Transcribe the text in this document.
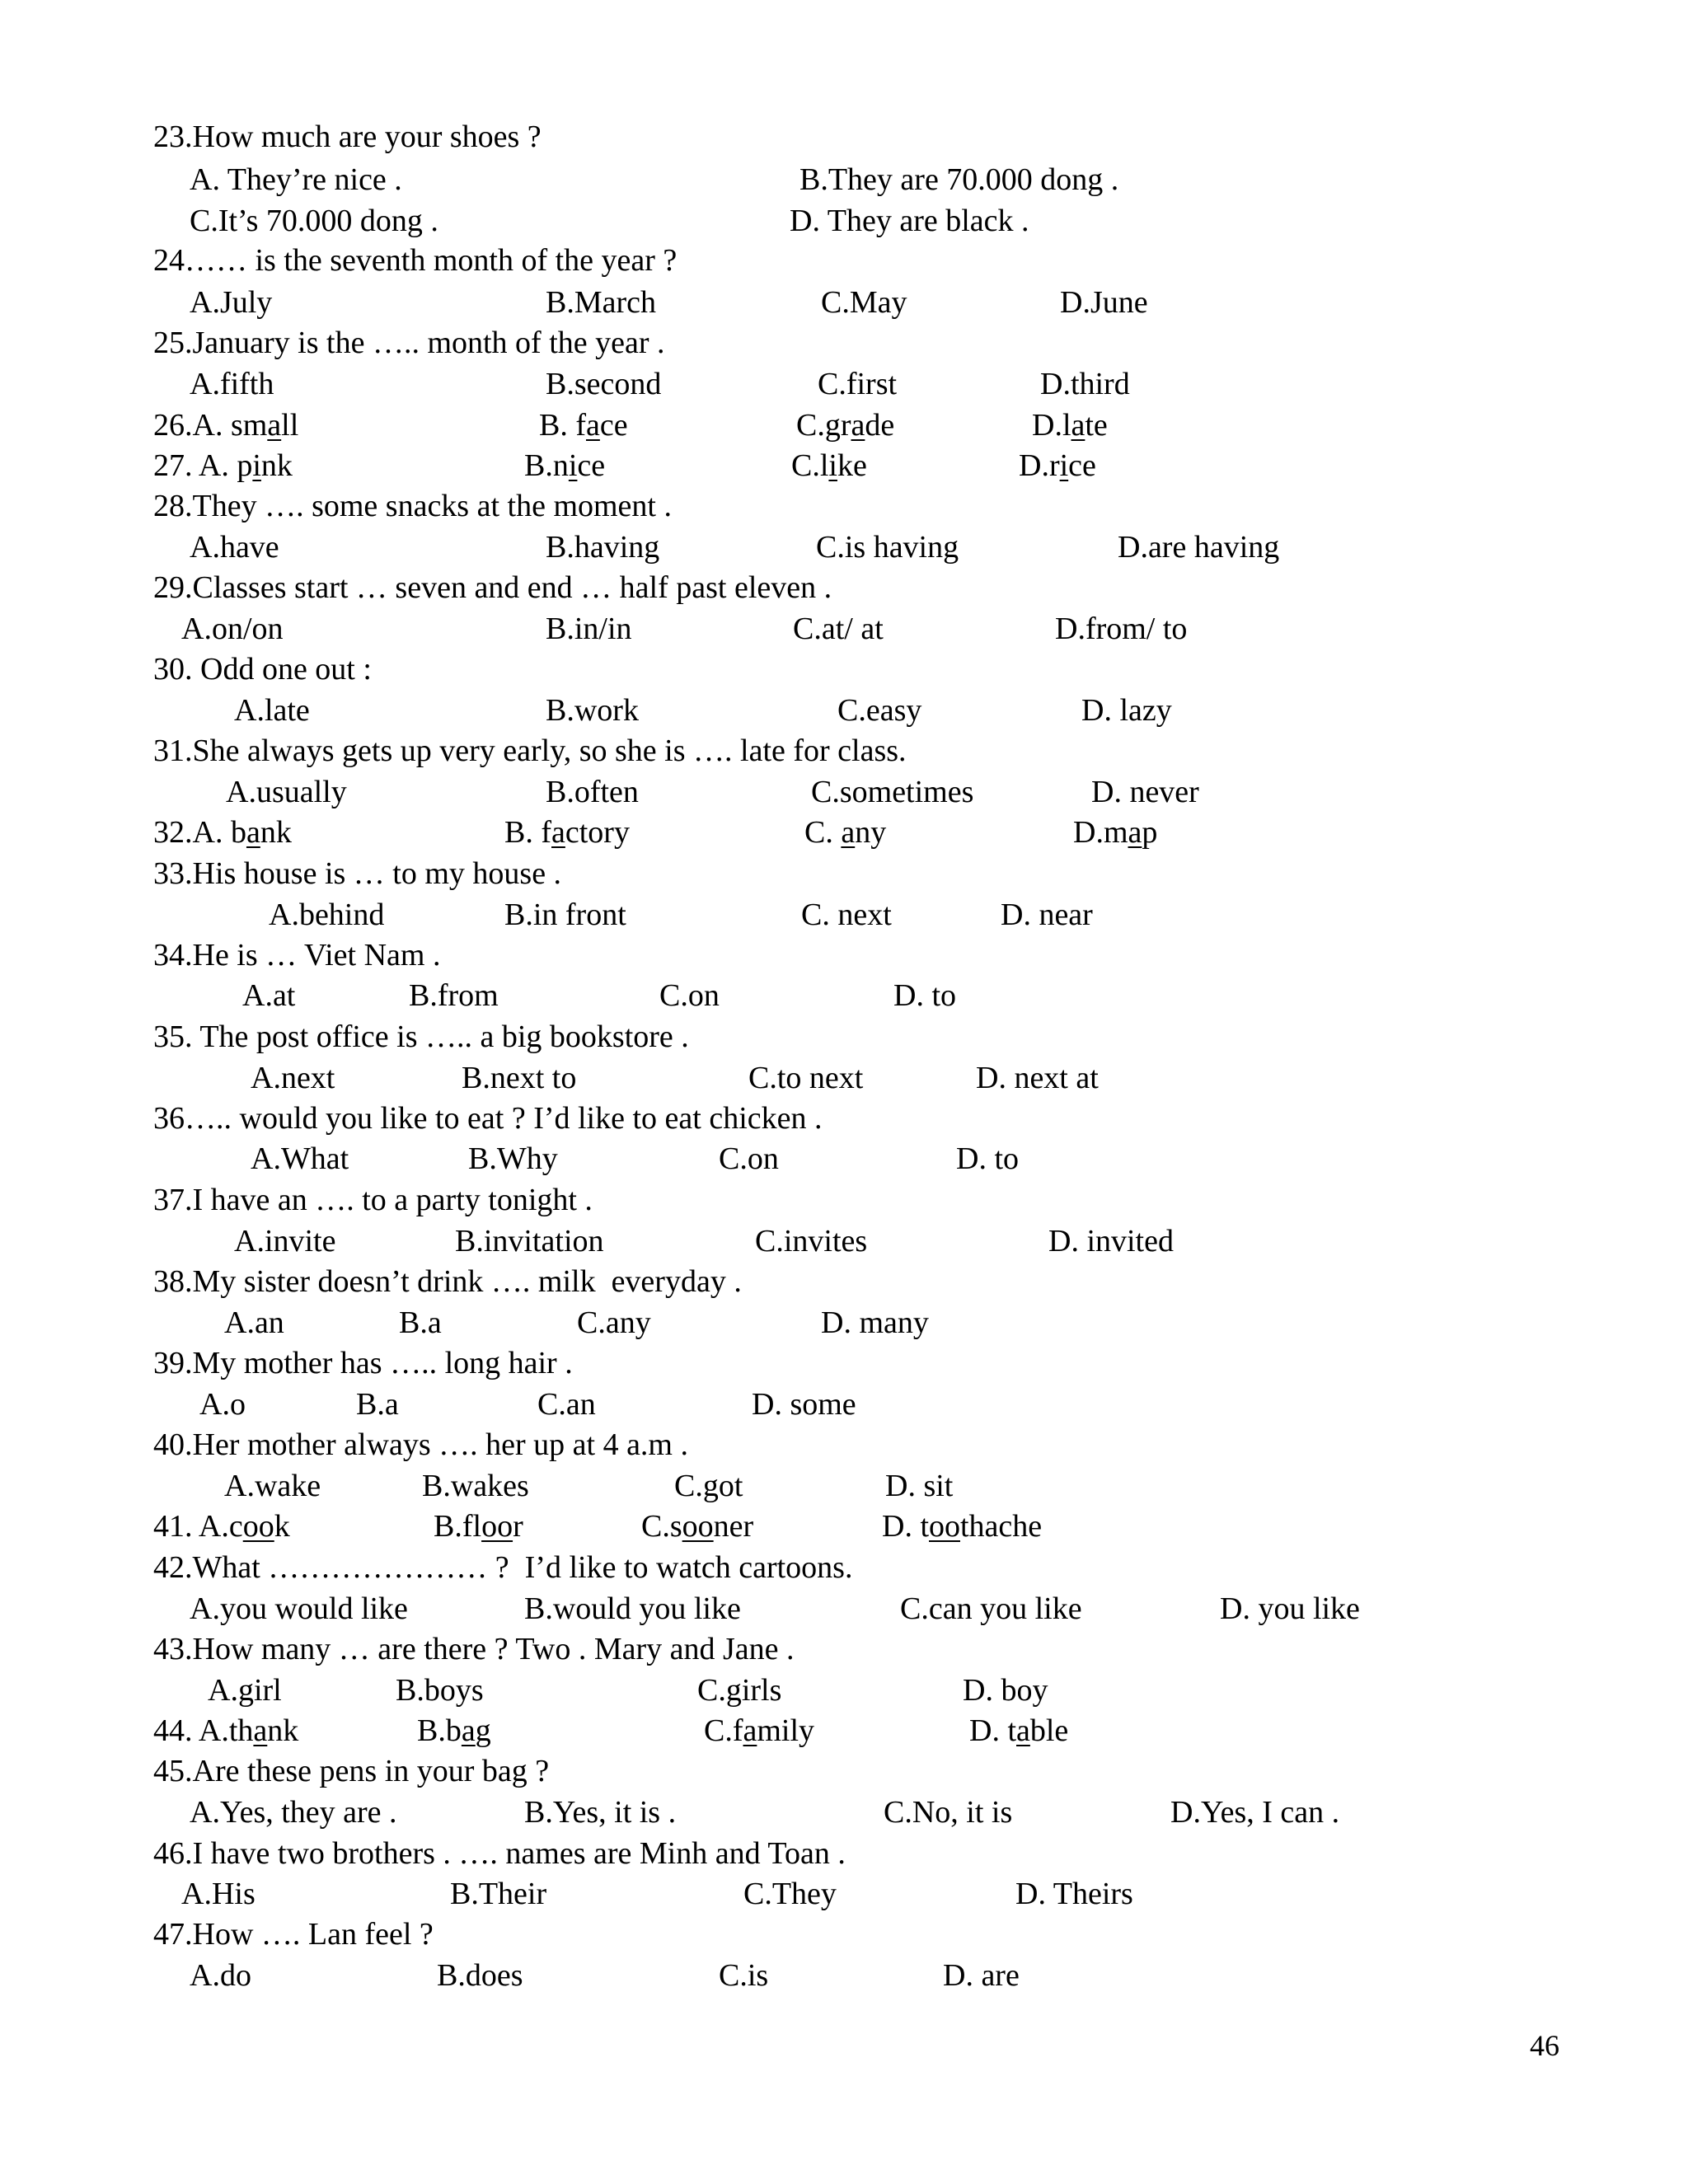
23.How much are your shoes ?
A. They’re nice .	B.They are 70.000 dong .
C.It’s 70.000 dong .	D. They are black .
24…… is the seventh month of the year ?
A.July	B.March	C.May	D.June
25.January is the ….. month of the year .
A.fifth	B.second	C.first	D.third
26.A. small	B. face	C.grade	D.late
27. A. pink	B.nice	C.like	D.rice
28.They …. some snacks at the moment .
A.have	B.having	C.is having	D.are having
29.Classes start … seven and end … half past eleven .
A.on/on	B.in/in	C.at/ at	D.from/ to
30. Odd one out :
A.late	B.work	C.easy	D. lazy
31.She always gets up very early, so she is …. late for class.
A.usually	B.often	C.sometimes	D. never
32.A. bank	B. factory	C. any	D.map
33.His house is … to my house .
A.behind	B.in front	C. next	D. near
34.He is … Viet Nam .
A.at	B.from	C.on	D. to
35. The post office is ….. a big bookstore .
A.next	B.next to	C.to next	D. next at
36….. would you like to eat ? I’d like to eat chicken .
A.What	B.Why	C.on	D. to
37.I have an …. to a party tonight .
A.invite	B.invitation	C.invites	D. invited
38.My sister doesn’t drink …. milk  everyday .
A.an	B.a	C.any	D. many
39.My mother has ….. long hair .
A.o	B.a	C.an	D. some
40.Her mother always …. her up at 4 a.m .
A.wake	B.wakes	C.got	D. sit
41. A.cook	B.floor	C.sooner	D. toothache
42.What ………………… ?  I’d like to watch cartoons.
A.you would like	B.would you like	C.can you like	D. you like
43.How many … are there ? Two . Mary and Jane .
A.girl	B.boys	C.girls	D. boy
44. A.thank	B.bag	C.family	D. table
45.Are these pens in your bag ?
A.Yes, they are .	B.Yes, it is .	C.No, it is	D.Yes, I can .
46.I have two brothers . …. names are Minh and Toan .
A.His	B.Their	C.They	D. Theirs
47.How …. Lan feel ?
A.do	B.does	C.is	D. are
46
